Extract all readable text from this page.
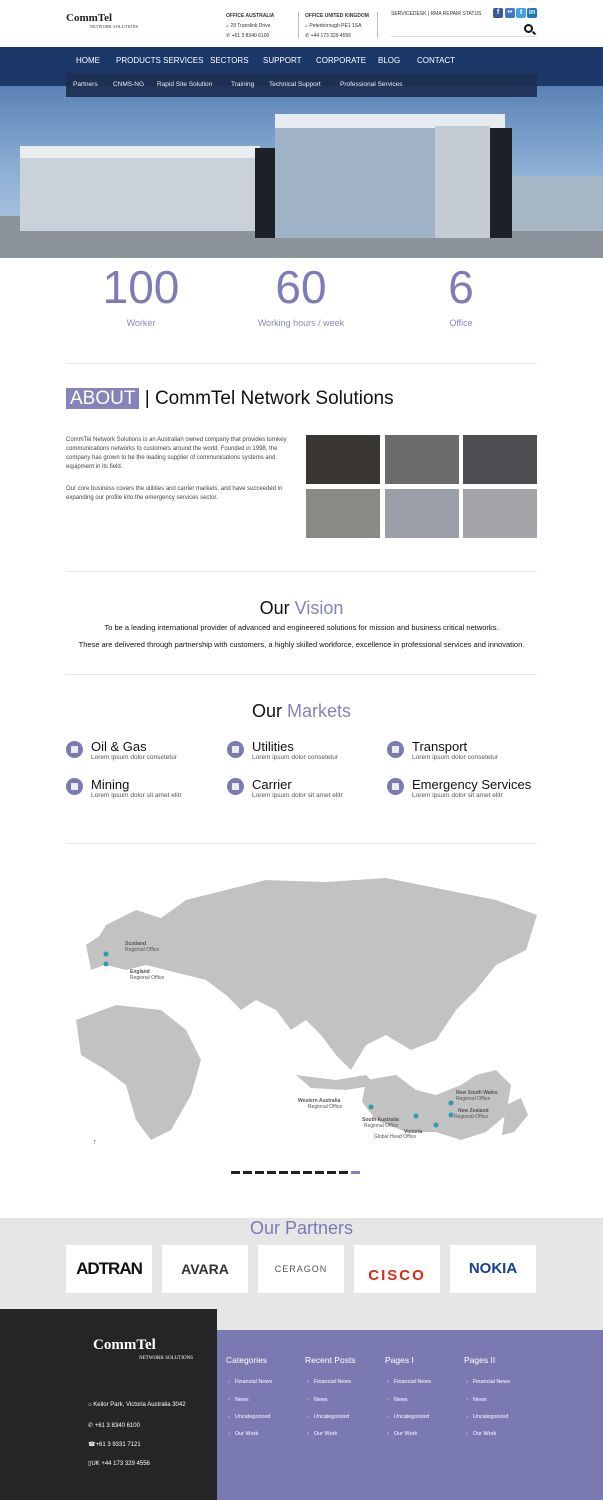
CommTel
NETWORK SOLUTIONS
OFFICE AUSTRALIA
⌂ 29 Translink Drive
✆ +61 3 8340 6100
OFFICE UNITED KINGDOM
⌂ Peterborough PE1 1SA
✆ +44 173 329 4556
SERVICEDESK | RMA REPAIR STATUS	f	••	t in
HOME PRODUCTS SERVICES SECTORS SUPPORT CORPORATE BLOG CONTACT
Partners CNMS-NG Rapid Site Solution	Training Technical Support	Professional Services
100
Worker
60
Working hours / week
6
Office
ABOUT | CommTel Network Solutions
CommTel Network Solutions is an Australian owned company that provides turnkey communications networks to customers around the world. Founded in 1998, the company has grown to be the leading supplier of communications systems and equipment in its field.
Our core business covers the utilities and carrier markets, and have succeeded in expanding our profile into the emergency services sector.
Our Vision
To be a leading international provider of advanced and engineered solutions for mission and business critical networks.
These are delivered through partnership with customers, a highly skilled workforce, excellence in professional services and innovation.
Our Markets
Oil & Gas
Lorem ipsum dolor consetetur
Utilities
Lorem ipsum dolor consetetur
Transport
Lorem ipsum dolor consetetur
Mining
Lorem ipsum dolor sit amet elitr
Carrier
Lorem ipsum dolor sit amet elitr
Emergency Services
Lorem ipsum dolor sit amet elitr
Scotland
Regional Office
England
Regional Office
Western Australia
Regional Office
South Australia
Regional Office
Victoria
Global Head Office
New South Wales
Regional Office
New Zealand
Regional Office
7
Our Partners
ADTRAN	AVARA	CERAGON	CISCO	NOKIA
CommTel
NETWORK SOLUTIONS
⌂ Keilor Park, Victoria Australia 3042
✆ +61 3 8340 6100
☎+61 3 9331 7121
▯UK +44 173 329 4556
Categories
› Financial News
› News
› Uncategorized
› Our Work
Recent Posts
› Financial News
› News
› Uncategorized
› Our Work
Pages I
› Financial News
› News
› Uncategorized
› Our Work
Pages II
› Financial News
› News
› Uncategorized
› Our Work
